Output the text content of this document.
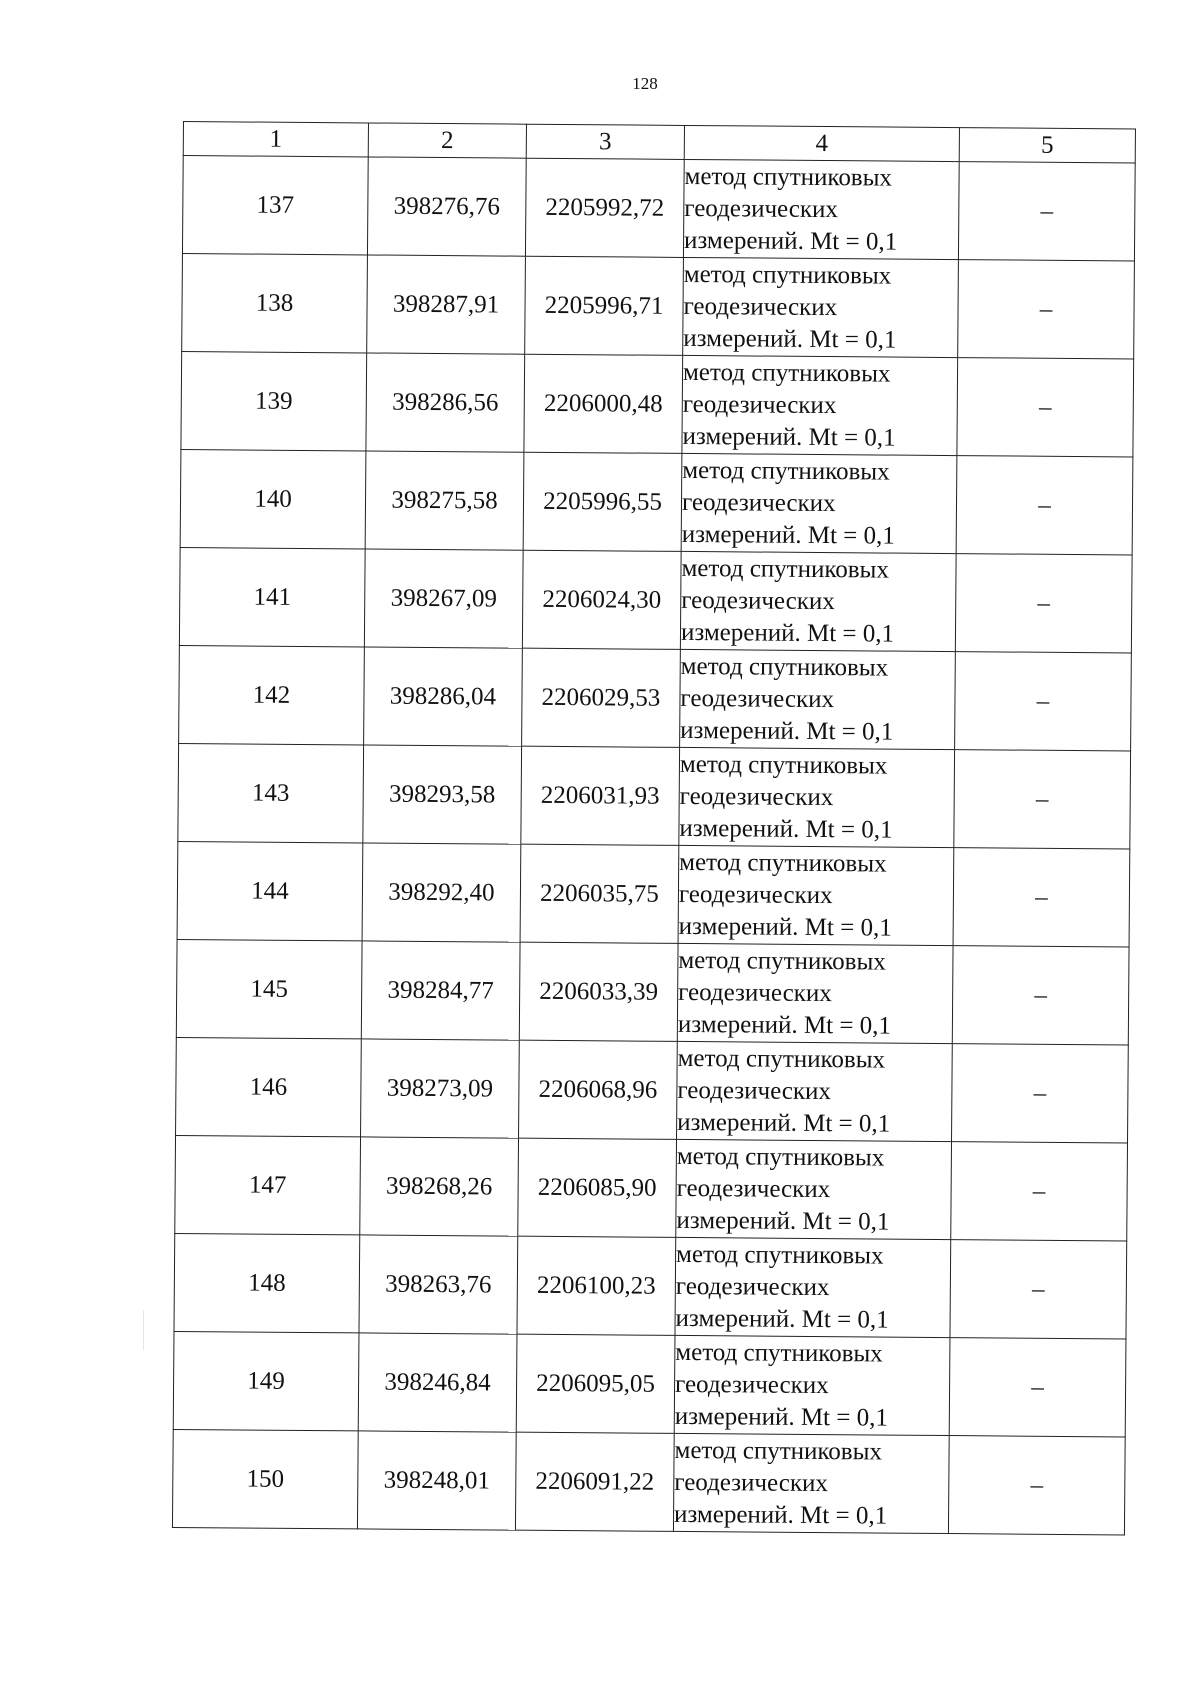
128
1	2	3	4	5
137	398276,76	2205992,72	метод спутниковых
геодезических
измерений. Mt = 0,1	–
138	398287,91	2205996,71	метод спутниковых
геодезических
измерений. Mt = 0,1	–
139	398286,56	2206000,48	метод спутниковых
геодезических
измерений. Mt = 0,1	–
140	398275,58	2205996,55	метод спутниковых
геодезических
измерений. Mt = 0,1	–
141	398267,09	2206024,30	метод спутниковых
геодезических
измерений. Mt = 0,1	–
142	398286,04	2206029,53	метод спутниковых
геодезических
измерений. Mt = 0,1	–
143	398293,58	2206031,93	метод спутниковых
геодезических
измерений. Mt = 0,1	–
144	398292,40	2206035,75	метод спутниковых
геодезических
измерений. Mt = 0,1	–
145	398284,77	2206033,39	метод спутниковых
геодезических
измерений. Mt = 0,1	–
146	398273,09	2206068,96	метод спутниковых
геодезических
измерений. Mt = 0,1	–
147	398268,26	2206085,90	метод спутниковых
геодезических
измерений. Mt = 0,1	–
148	398263,76	2206100,23	метод спутниковых
геодезических
измерений. Mt = 0,1	–
149	398246,84	2206095,05	метод спутниковых
геодезических
измерений. Mt = 0,1	–
150	398248,01	2206091,22	метод спутниковых
геодезических
измерений. Mt = 0,1	–
